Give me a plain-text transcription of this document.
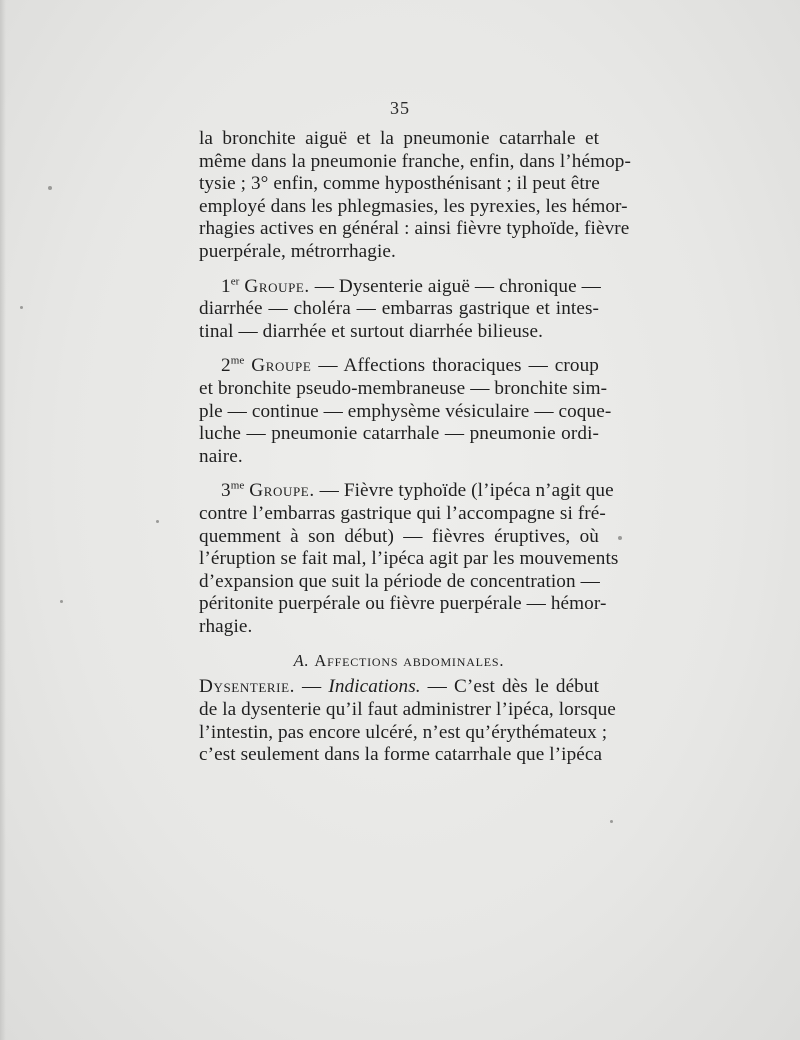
35
la bronchite aiguë et la pneumonie catarrhale et
même dans la pneumonie franche, enfin, dans l’hémop-
tysie ; 3° enfin, comme hyposthénisant ; il peut être
employé dans les phlegmasies, les pyrexies, les hémor-
rhagies actives en général : ainsi fièvre typhoïde, fièvre
puerpérale, métrorrhagie.
1er Groupe. — Dysenterie aiguë — chronique —
diarrhée — choléra — embarras gastrique et intes-
tinal — diarrhée et surtout diarrhée bilieuse.
$2^{me}$ Groupe — Affections thoraciques — croup
et bronchite pseudo-membraneuse — bronchite sim-
ple — continue — emphysème vésiculaire — coque-
luche — pneumonie catarrhale — pneumonie ordi-
naire.
$3^{me}$ Groupe. — Fièvre typhoïde (l’ipéca n’agit que
contre l’embarras gastrique qui l’accompagne si fré-
quemment à son début) — fièvres éruptives, où
l’éruption se fait mal, l’ipéca agit par les mouvements
d’expansion que suit la période de concentration —
péritonite puerpérale ou fièvre puerpérale — hémor-
rhagie.
A. Affections abdominales.
Dysenterie. — Indications. — C’est dès le début
de la dysenterie qu’il faut administrer l’ipéca, lorsque
l’intestin, pas encore ulcéré, n’est qu’érythémateux ;
c’est seulement dans la forme catarrhale que l’ipéca
